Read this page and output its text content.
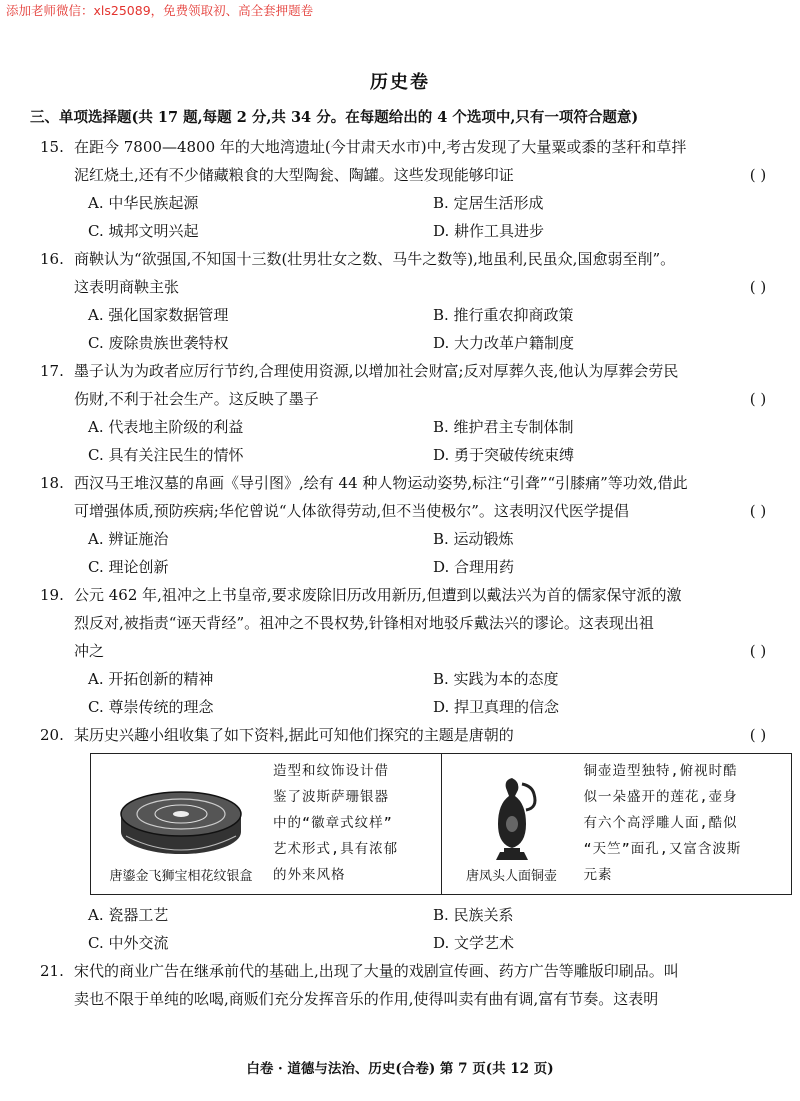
添加老师微信：xls25089，免费领取初、高全套押题卷
历史卷
三、单项选择题(共 17 题,每题 2 分,共 34 分。在每题给出的 4 个选项中,只有一项符合题意)
15. 在距今 7800—4800 年的大地湾遗址(今甘肃天水市)中,考古发现了大量粟或黍的茎秆和草拌
泥红烧土,还有不少储藏粮食的大型陶瓮、陶罐。这些发现能够印证	( )
A. 中华民族起源	B. 定居生活形成
C. 城邦文明兴起	D. 耕作工具进步
16. 商鞅认为“欲强国,不知国十三数(壮男壮女之数、马牛之数等),地虽利,民虽众,国愈弱至削”。
这表明商鞅主张	( )
A. 强化国家数据管理	B. 推行重农抑商政策
C. 废除贵族世袭特权	D. 大力改革户籍制度
17. 墨子认为为政者应厉行节约,合理使用资源,以增加社会财富;反对厚葬久丧,他认为厚葬会劳民
伤财,不利于社会生产。这反映了墨子	( )
A. 代表地主阶级的利益	B. 维护君主专制体制
C. 具有关注民生的情怀	D. 勇于突破传统束缚
18. 西汉马王堆汉墓的帛画《导引图》,绘有 44 种人物运动姿势,标注“引聋”“引膝痛”等功效,借此
可增强体质,预防疾病;华佗曾说“人体欲得劳动,但不当使极尔”。这表明汉代医学提倡	( )
A. 辨证施治	B. 运动锻炼
C. 理论创新	D. 合理用药
19. 公元 462 年,祖冲之上书皇帝,要求废除旧历改用新历,但遭到以戴法兴为首的儒家保守派的激
烈反对,被指责“诬天背经”。祖冲之不畏权势,针锋相对地驳斥戴法兴的谬论。这表现出祖
冲之	( )
A. 开拓创新的精神	B. 实践为本的态度
C. 尊崇传统的理念	D. 捍卫真理的信念
20. 某历史兴趣小组收集了如下资料,据此可知他们探究的主题是唐朝的	( )
唐鎏金飞狮宝相花纹银盒
造型和纹饰设计借
鉴了波斯萨珊银器
中的“徽章式纹样”
艺术形式,具有浓郁
的外来风格	唐凤头人面铜壶
铜壶造型独特,俯视时酷
似一朵盛开的莲花,壶身
有六个高浮雕人面,酷似
“天竺”面孔,又富含波斯
元素
A. 瓷器工艺	B. 民族关系
C. 中外交流	D. 文学艺术
21. 宋代的商业广告在继承前代的基础上,出现了大量的戏剧宣传画、药方广告等雕版印刷品。叫
卖也不限于单纯的吆喝,商贩们充分发挥音乐的作用,使得叫卖有曲有调,富有节奏。这表明
白卷 · 道德与法治、历史(合卷) 第 7 页(共 12 页)
